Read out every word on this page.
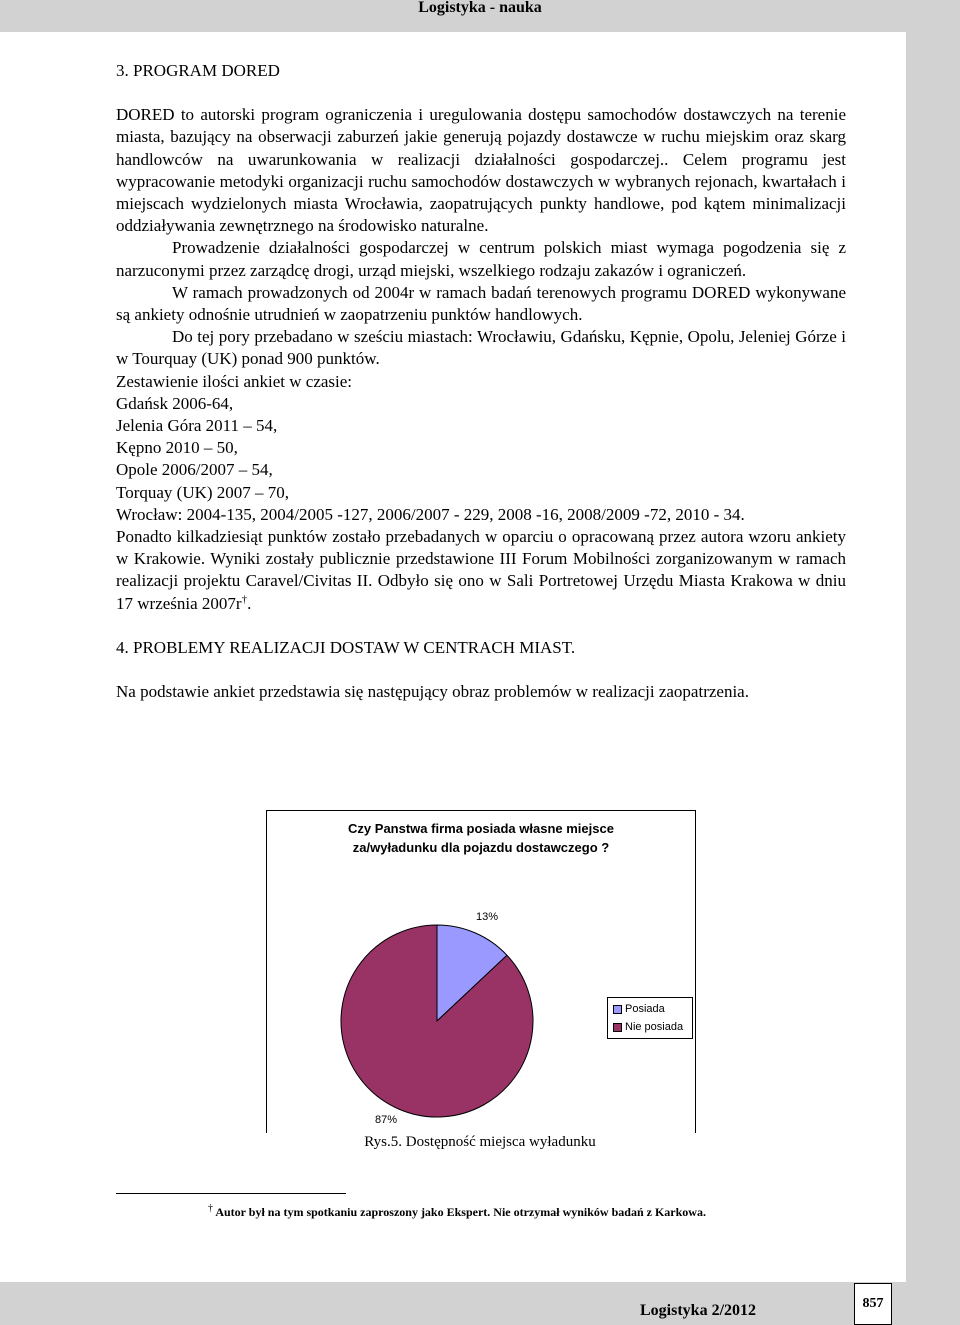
Logistyka - nauka
3. PROGRAM DORED

DORED to autorski program ograniczenia i uregulowania dostępu samochodów dostawczych na terenie miasta, bazujący na obserwacji zaburzeń jakie generują pojazdy dostawcze w ruchu miejskim oraz skarg handlowców na uwarunkowania w realizacji działalności gospodarczej.. Celem programu jest wypracowanie metodyki organizacji ruchu samochodów dostawczych w wybranych rejonach, kwartałach i miejscach wydzielonych miasta Wrocławia, zaopatrujących punkty handlowe, pod kątem minimalizacji oddziaływania zewnętrznego na środowisko naturalne.

Prowadzenie działalności gospodarczej w centrum polskich miast wymaga pogodzenia się z narzuconymi przez zarządcę drogi, urząd miejski, wszelkiego rodzaju zakazów i ograniczeń.

W ramach prowadzonych od 2004r w ramach badań terenowych programu DORED wykonywane są ankiety odnośnie utrudnień w zaopatrzeniu punktów handlowych.

Do tej pory przebadano w sześciu miastach: Wrocławiu, Gdańsku, Kępnie, Opolu, Jeleniej Górze i w Tourquay (UK) ponad 900 punktów.

Zestawienie ilości ankiet w czasie:

Gdańsk 2006-64,

Jelenia Góra 2011 – 54,

Kępno 2010 – 50,

Opole 2006/2007 – 54,

Torquay (UK) 2007 – 70,

Wrocław: 2004-135, 2004/2005 -127, 2006/2007 - 229, 2008 -16, 2008/2009 -72, 2010 - 34.

Ponadto kilkadziesiąt punktów zostało przebadanych w oparciu o opracowaną przez autora wzoru ankiety w Krakowie. Wyniki zostały publicznie przedstawione III Forum Mobilności zorganizowanym w ramach realizacji projektu Caravel/Civitas II. Odbyło się ono w Sali Portretowej Urzędu Miasta Krakowa w dniu 17 września 2007r†.

4. PROBLEMY REALIZACJI DOSTAW W CENTRACH MIAST.

Na podstawie ankiet przedstawia się następujący obraz problemów w realizacji zaopatrzenia.

Czy Panstwa firma posiada własne miejsce
za/wyładunku dla pojazdu dostawczego ?
13%
87%
Posiada
Nie posiada
Rys.5. Dostępność miejsca wyładunku
† Autor był na tym spotkaniu zaproszony jako Ekspert. Nie otrzymał wyników badań z Karkowa.
Logistyka 2/2012	857
